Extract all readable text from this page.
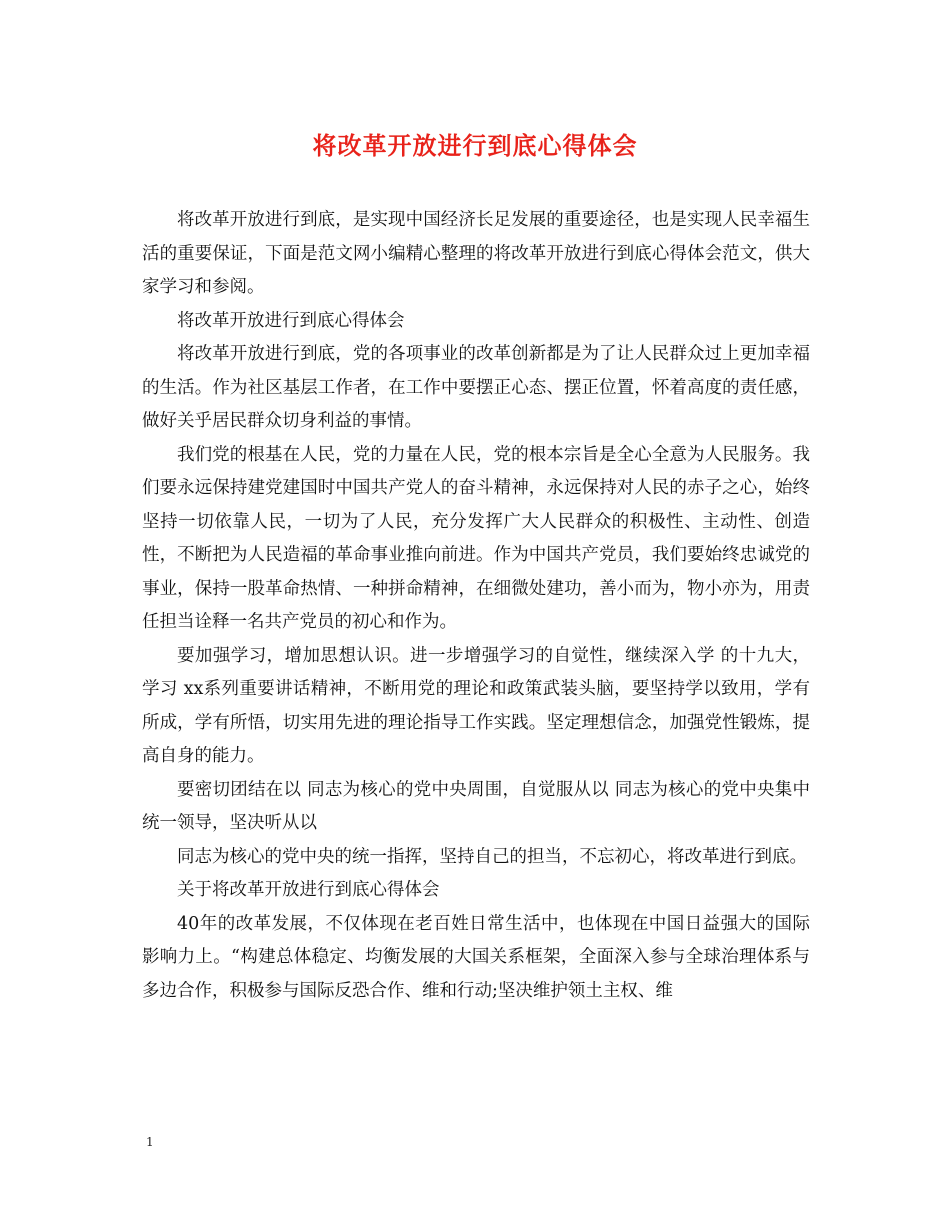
将改革开放进行到底心得体会

将改革开放进行到底，是实现中国经济长足发展的重要途径，也是实现人民幸福生活的重要保证，下面是范文网小编精心整理的将改革开放进行到底心得体会范文，供大家学习和参阅。

将改革开放进行到底心得体会

将改革开放进行到底，党的各项事业的改革创新都是为了让人民群众过上更加幸福的生活。作为社区基层工作者，在工作中要摆正心态、摆正位置，怀着高度的责任感，做好关乎居民群众切身利益的事情。

我们党的根基在人民，党的力量在人民，党的根本宗旨是全心全意为人民服务。我们要永远保持建党建国时中国共产党人的奋斗精神，永远保持对人民的赤子之心，始终坚持一切依靠人民，一切为了人民，充分发挥广大人民群众的积极性、主动性、创造性，不断把为人民造福的革命事业推向前进。作为中国共产党员，我们要始终忠诚党的事业，保持一股革命热情、一种拼命精神，在细微处建功，善小而为，物小亦为，用责任担当诠释一名共产党员的初心和作为。

要加强学习，增加思想认识。进一步增强学习的自觉性，继续深入学 的十九大，学习 xx系列重要讲话精神，不断用党的理论和政策武装头脑，要坚持学以致用，学有所成，学有所悟，切实用先进的理论指导工作实践。坚定理想信念，加强党性锻炼，提高自身的能力。

要密切团结在以 同志为核心的党中央周围，自觉服从以 同志为核心的党中央集中统一领导，坚决听从以

同志为核心的党中央的统一指挥，坚持自己的担当，不忘初心，将改革进行到底。

关于将改革开放进行到底心得体会

40年的改革发展，不仅体现在老百姓日常生活中，也体现在中国日益强大的国际影响力上。“构建总体稳定、均衡发展的大国关系框架，全面深入参与全球治理体系与多边合作，积极参与国际反恐合作、维和行动;坚决维护领土主权、维

1
